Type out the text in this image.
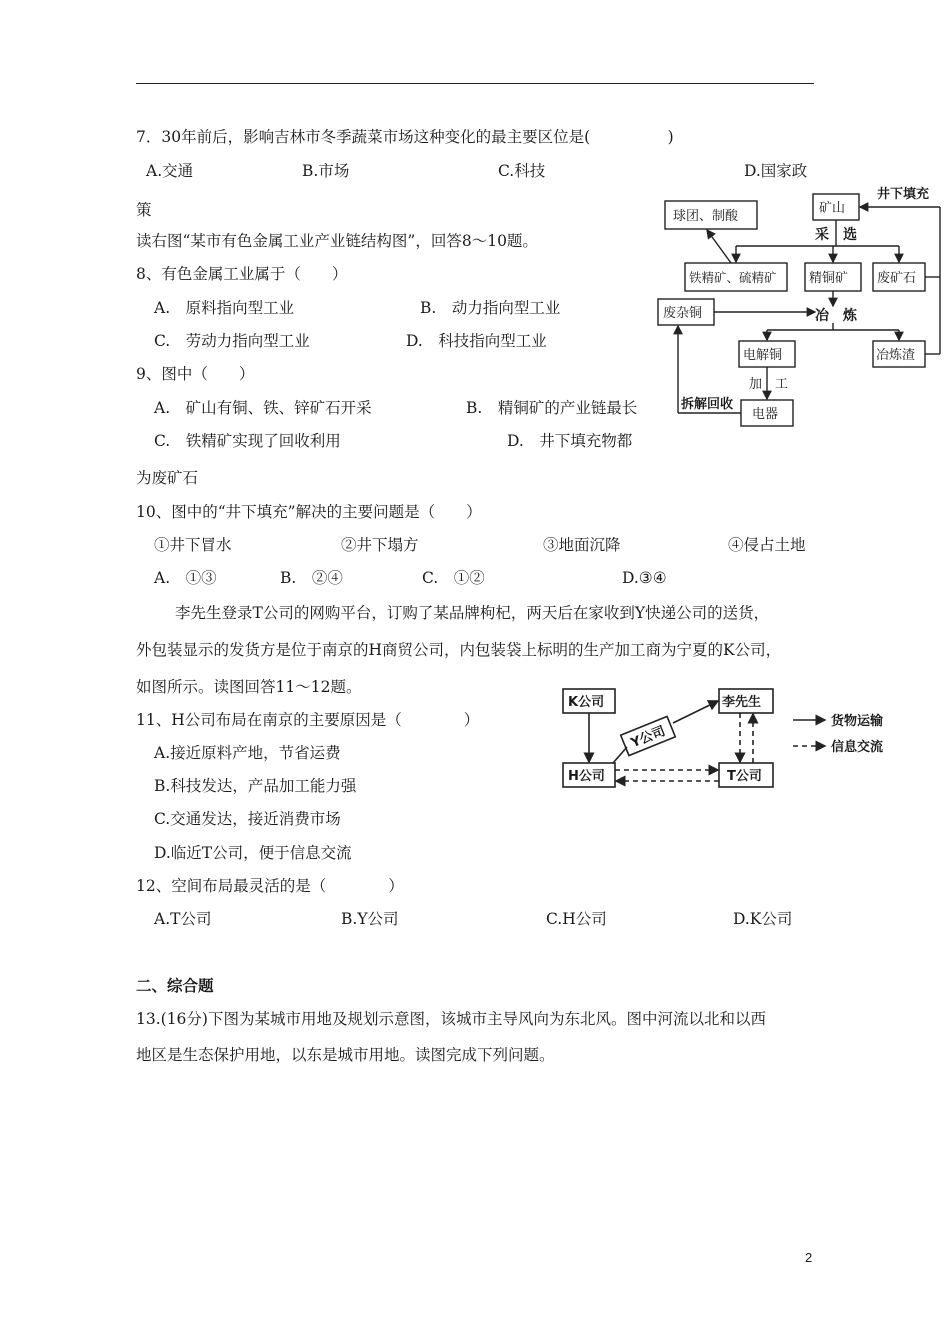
7．30年前后，影响吉林市冬季蔬菜市场这种变化的最主要区位是(　　　　　)
A.交通	B.市场	C.科技	D.国家政
策
读右图“某市有色金属工业产业链结构图”，回答8～10题。
8、有色金属工业属于（　　）
A.　原料指向型工业	B.　动力指向型工业
C.　劳动力指向型工业	D.　科技指向型工业
9、图中（　　）
A.　矿山有铜、铁、锌矿石开采	B.　精铜矿的产业链最长
C.　铁精矿实现了回收利用	D.　井下填充物都
为废矿石
10、图中的“井下填充”解决的主要问题是（　　）
①井下冒水	②井下塌方	③地面沉降	④侵占土地
A.　①③	B.　②④	C.　①②	D.③④
李先生登录T公司的网购平台，订购了某品牌枸杞，两天后在家收到Y快递公司的送货，
外包装显示的发货方是位于南京的H商贸公司，内包装袋上标明的生产加工商为宁夏的K公司，
如图所示。读图回答11～12题。
11、H公司布局在南京的主要原因是（　　　　）
A.接近原料产地，节省运费
B.科技发达，产品加工能力强
C.交通发达，接近消费市场
D.临近T公司，便于信息交流
12、空间布局最灵活的是（　　　　）
A.T公司	B.Y公司	C.H公司	D.K公司
二、综合题
13.(16分)下图为某城市用地及规划示意图，该城市主导风向为东北风。图中河流以北和以西
地区是生态保护用地，以东是城市用地。读图完成下列问题。
井下填充
矿山
球团、制酸
采　选
铁精矿、硫精矿 精铜矿 废矿石
废杂铜	冶　炼
电解铜	冶炼渣
加　工
拆解回收
电器
K公司	李先生
H公司	T公司
Y公司
货物运输
信息交流
2
